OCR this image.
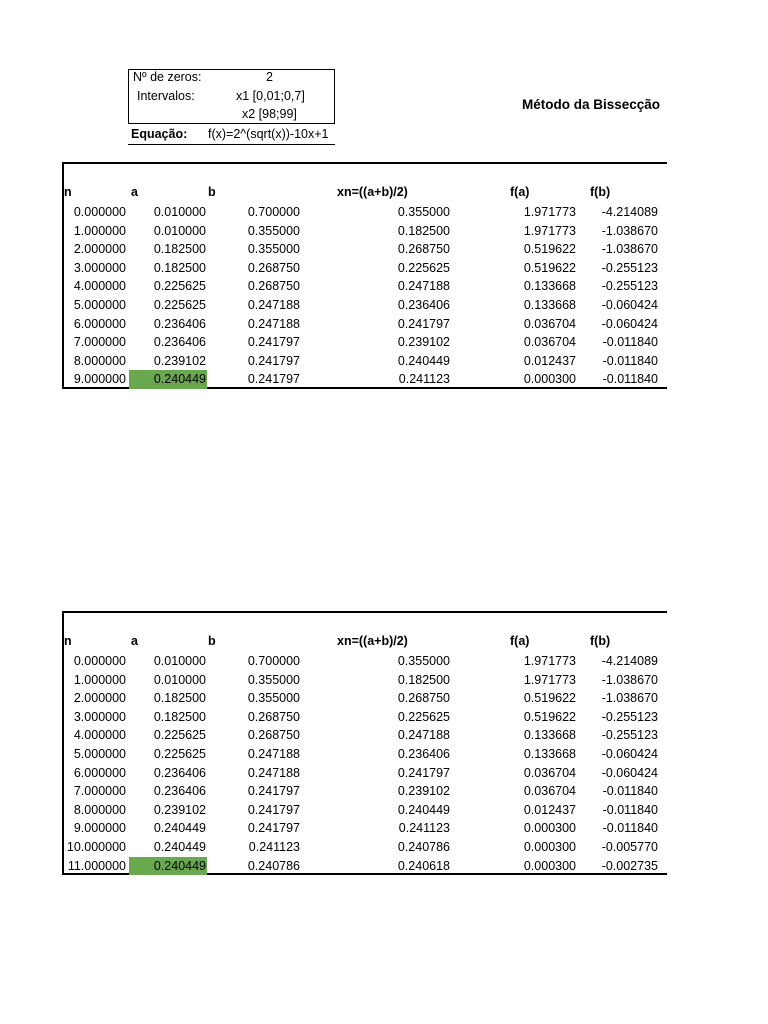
Nº de zeros:	2
Intervalos:	x1 [0,01;0,7]
x2 [98;99]
Equação: f(x)=2^(sqrt(x))-10x+1
Método da Bissecção
n	a	b	xn=((a+b)/2)	f(a)	f(b)
0.000000	0.010000	0.700000	0.355000	1.971773	-4.214089
1.000000	0.010000	0.355000	0.182500	1.971773	-1.038670
2.000000	0.182500	0.355000	0.268750	0.519622	-1.038670
3.000000	0.182500	0.268750	0.225625	0.519622	-0.255123
4.000000	0.225625	0.268750	0.247188	0.133668	-0.255123
5.000000	0.225625	0.247188	0.236406	0.133668	-0.060424
6.000000	0.236406	0.247188	0.241797	0.036704	-0.060424
7.000000	0.236406	0.241797	0.239102	0.036704	-0.011840
8.000000	0.239102	0.241797	0.240449	0.012437	-0.011840
9.000000	0.240449	0.241797	0.241123	0.000300	-0.011840
n	a	b	xn=((a+b)/2)	f(a)	f(b)
0.000000	0.010000	0.700000	0.355000	1.971773	-4.214089
1.000000	0.010000	0.355000	0.182500	1.971773	-1.038670
2.000000	0.182500	0.355000	0.268750	0.519622	-1.038670
3.000000	0.182500	0.268750	0.225625	0.519622	-0.255123
4.000000	0.225625	0.268750	0.247188	0.133668	-0.255123
5.000000	0.225625	0.247188	0.236406	0.133668	-0.060424
6.000000	0.236406	0.247188	0.241797	0.036704	-0.060424
7.000000	0.236406	0.241797	0.239102	0.036704	-0.011840
8.000000	0.239102	0.241797	0.240449	0.012437	-0.011840
9.000000	0.240449	0.241797	0.241123	0.000300	-0.011840
10.000000	0.240449	0.241123	0.240786	0.000300	-0.005770
11.000000	0.240449	0.240786	0.240618	0.000300	-0.002735
